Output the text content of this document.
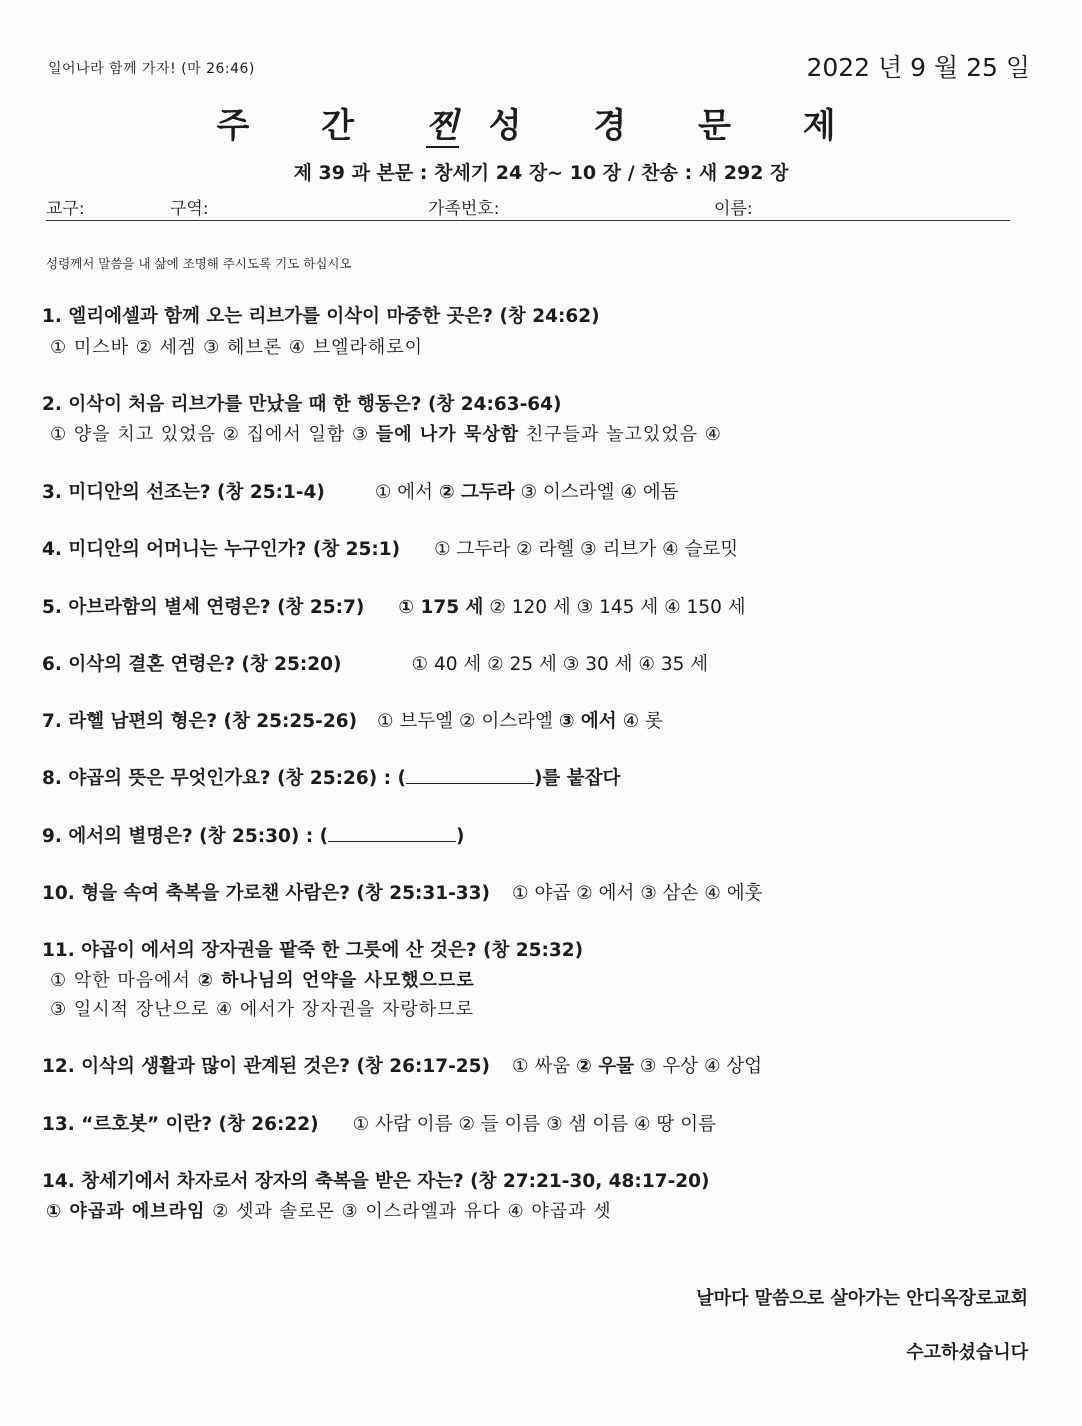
일어나라 함께 가자! (마 26:46)	2022 년 9 월 25 일
주 간 찐 성 경 문 제
제 39 과 본문 : 창세기 24 장~ 10 장 / 찬송 : 새 292 장
교구:	구역:	가족번호:	이름:
성령께서 말씀을 내 삶에 조명해 주시도록 기도 하십시오
1. 엘리에셀과 함께 오는 리브가를 이삭이 마중한 곳은? (창 24:62)
① 미스바 ② 세겜 ③ 헤브론 ④ 브엘라해로이
2. 이삭이 처음 리브가를 만났을 때 한 행동은? (창 24:63-64)
① 양을 치고 있었음 ② 집에서 일함 ③ 들에 나가 묵상함 친구들과 놀고있었음 ④
3. 미디안의 선조는? (창 25:1-4)	① 에서 ② 그두라 ③ 이스라엘 ④ 에돔
4. 미디안의 어머니는 누구인가? (창 25:1) ① 그두라 ② 라헬 ③ 리브가 ④ 슬로밋
5. 아브라함의 별세 연령은? (창 25:7) ① 175 세 ② 120 세 ③ 145 세 ④ 150 세
6. 이삭의 결혼 연령은? (창 25:20)	① 40 세 ② 25 세 ③ 30 세 ④ 35 세
7. 라헬 남편의 형은? (창 25:25-26) ① 브두엘 ② 이스라엘 ③ 에서 ④ 롯
8. 야곱의 뜻은 무엇인가요? (창 25:26) : (	)를 붙잡다
9. 에서의 별명은? (창 25:30) : (	)
10. 형을 속여 축복을 가로챈 사람은? (창 25:31-33) ① 야곱 ② 에서 ③ 삼손 ④ 에훗
11. 야곱이 에서의 장자권을 팥죽 한 그릇에 산 것은? (창 25:32)
① 악한 마음에서 ② 하나님의 언약을 사모했으므로
③ 일시적 장난으로 ④ 에서가 장자권을 자랑하므로
12. 이삭의 생활과 많이 관계된 것은? (창 26:17-25) ① 싸움 ② 우물 ③ 우상 ④ 상업
13. “르호봇” 이란? (창 26:22) ① 사람 이름 ② 들 이름 ③ 샘 이름 ④ 땅 이름
14. 창세기에서 차자로서 장자의 축복을 받은 자는? (창 27:21-30, 48:17-20)
① 야곱과 에브라임 ② 셋과 솔로몬 ③ 이스라엘과 유다 ④ 야곱과 셋
날마다 말씀으로 살아가는 안디옥장로교회
수고하셨습니다
